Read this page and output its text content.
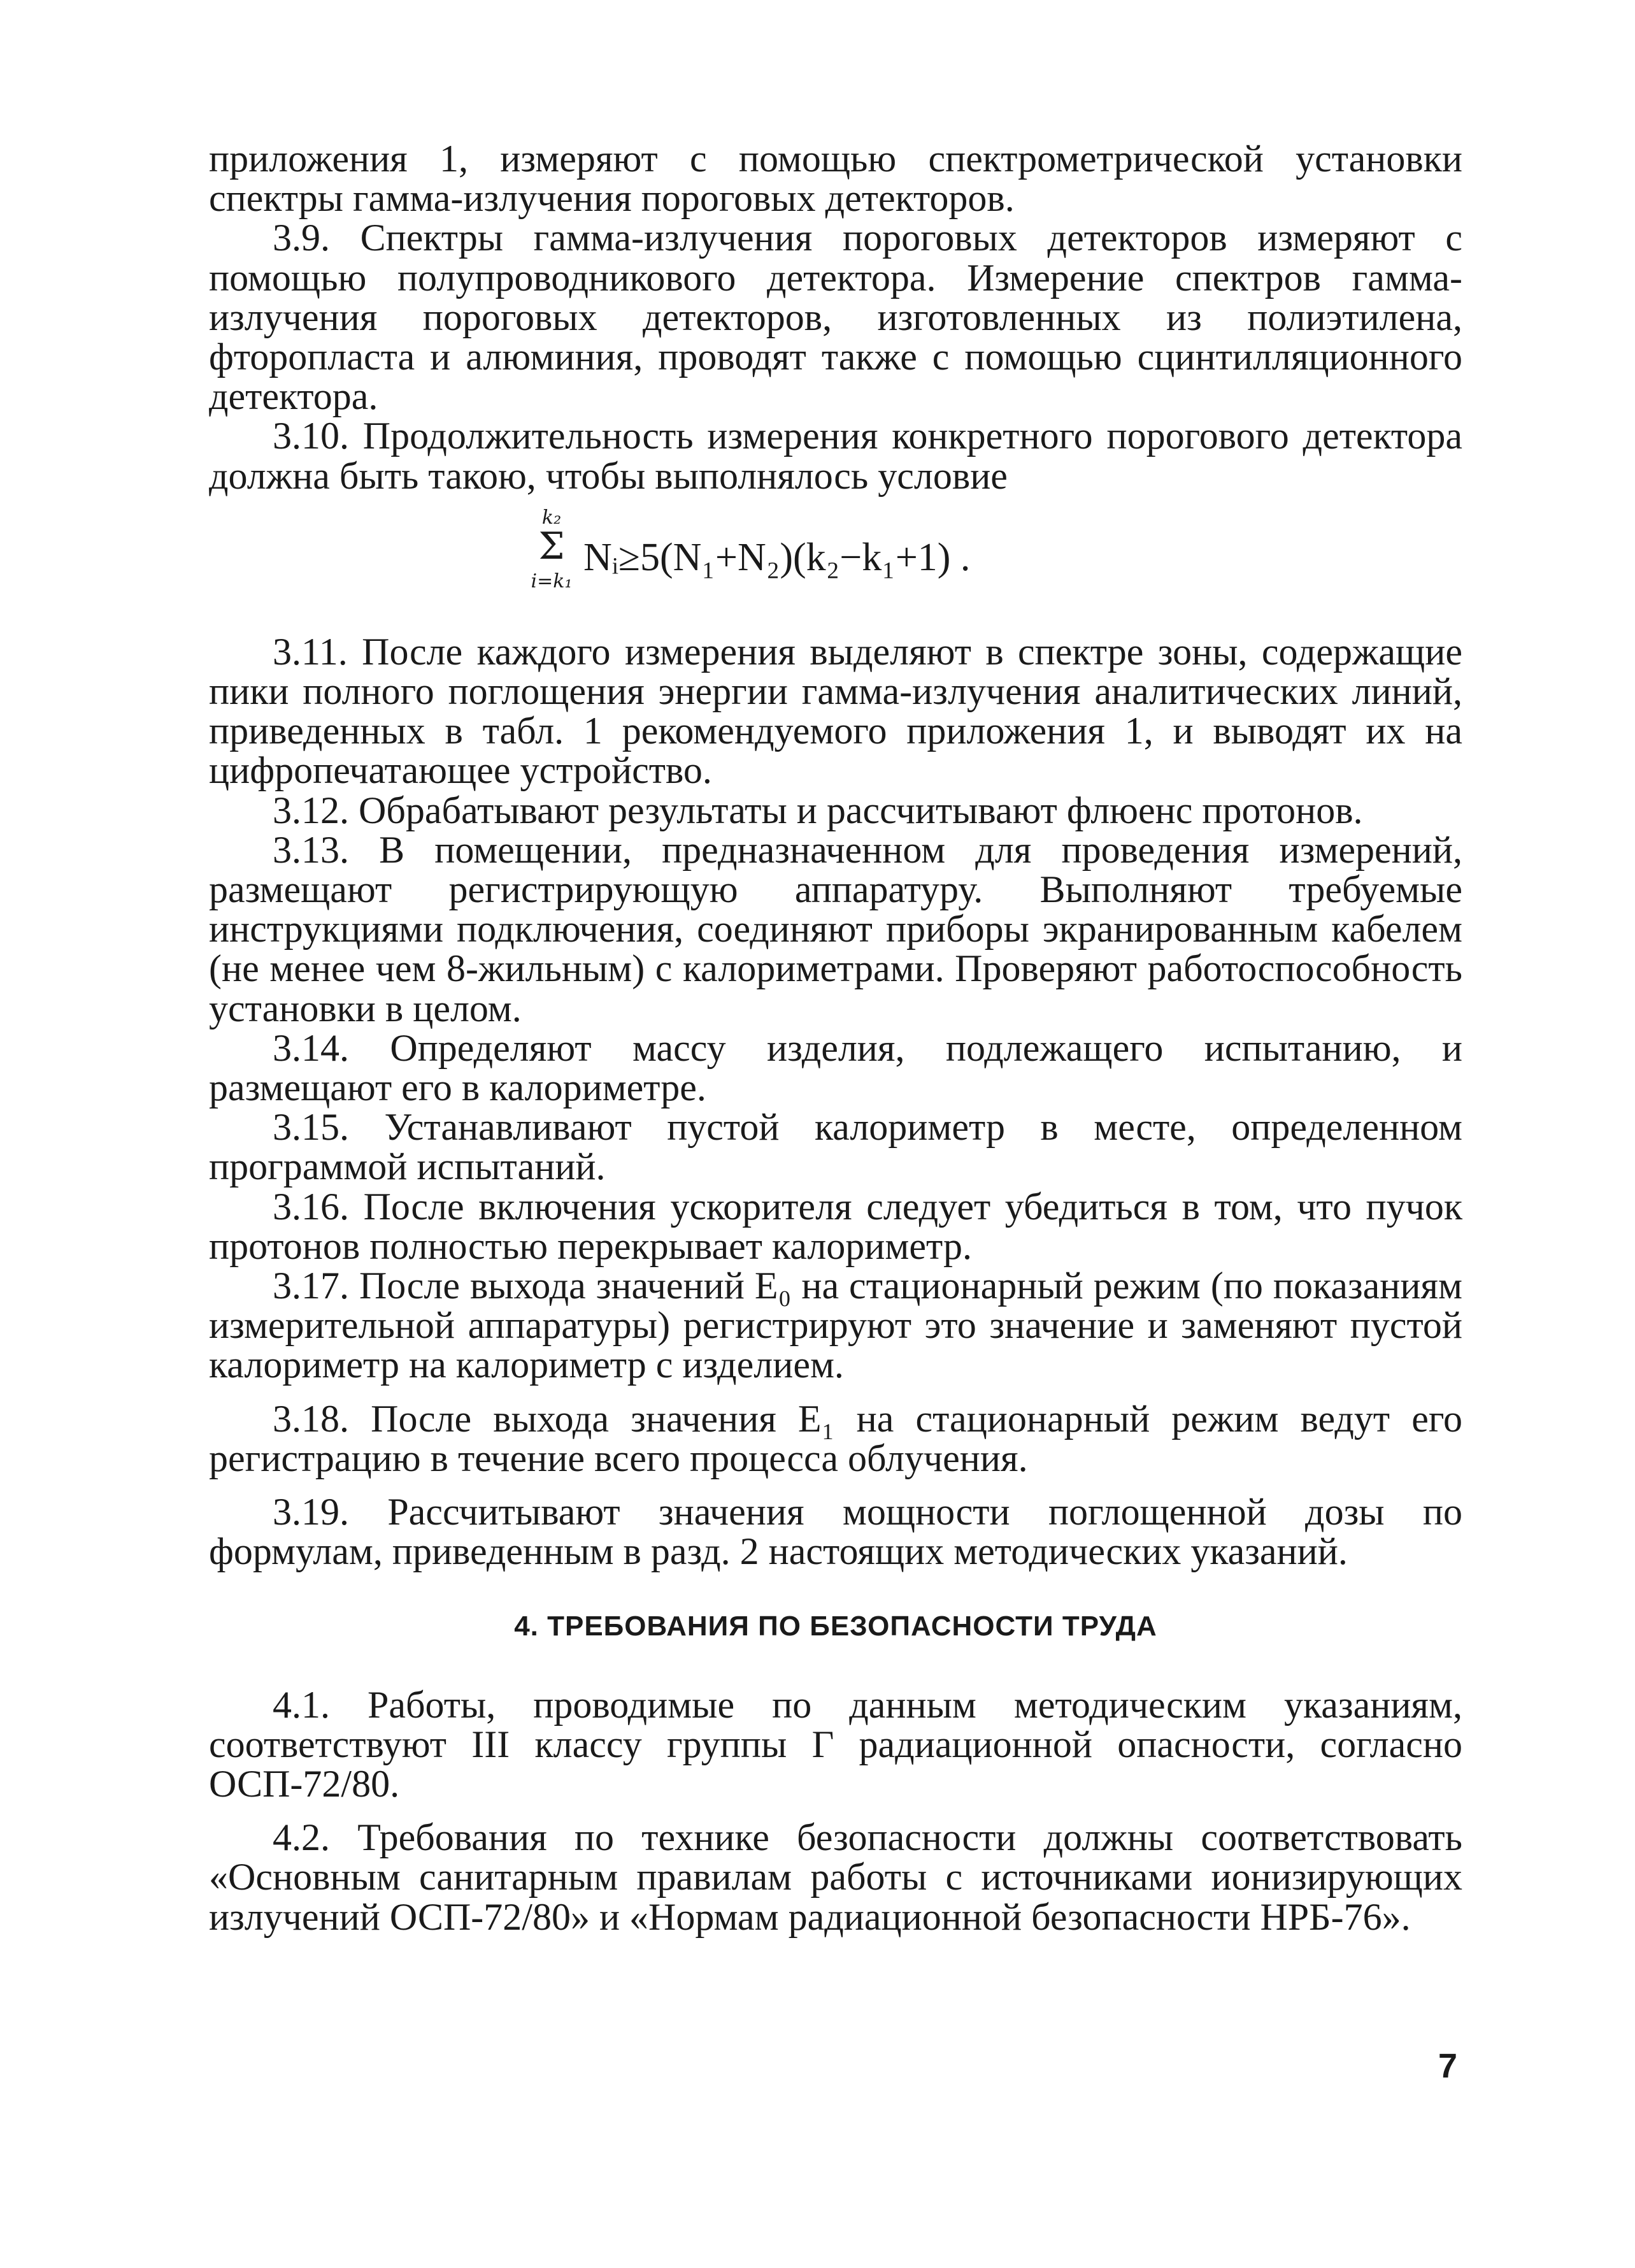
приложения 1, измеряют с помощью спектрометрической установки спектры гамма-излучения пороговых детекторов.

3.9. Спектры гамма-излучения пороговых детекторов измеряют с помощью полупроводникового детектора. Измерение спектров гамма-излучения пороговых детекторов, изготовленных из полиэтилена, фторопласта и алюминия, проводят также с помощью сцинтилляционного детектора.

3.10. Продолжительность измерения конкретного порогового детектора должна быть такою, чтобы выполнялось условие

k₂
Σ
i=k₁
Nᵢ≥5(N₁+N₂)(k₂−k₁+1) .

3.11. После каждого измерения выделяют в спектре зоны, содержащие пики полного поглощения энергии гамма-излучения аналитических линий, приведенных в табл. 1 рекомендуемого приложения 1, и выводят их на цифропечатающее устройство.

3.12. Обрабатывают результаты и рассчитывают флюенс протонов.

3.13. В помещении, предназначенном для проведения измерений, размещают регистрирующую аппаратуру. Выполняют требуемые инструкциями подключения, соединяют приборы экранированным кабелем (не менее чем 8-жильным) с калориметрами. Проверяют работоспособность установки в целом.

3.14. Определяют массу изделия, подлежащего испытанию, и размещают его в калориметре.

3.15. Устанавливают пустой калориметр в месте, определенном программой испытаний.

3.16. После включения ускорителя следует убедиться в том, что пучок протонов полностью перекрывает калориметр.

3.17. После выхода значений E₀ на стационарный режим (по показаниям измерительной аппаратуры) регистрируют это значение и заменяют пустой калориметр на калориметр с изделием.

3.18. После выхода значения E₁ на стационарный режим ведут его регистрацию в течение всего процесса облучения.

3.19. Рассчитывают значения мощности поглощенной дозы по формулам, приведенным в разд. 2 настоящих методических указаний.

4. ТРЕБОВАНИЯ ПО БЕЗОПАСНОСТИ ТРУДА

4.1. Работы, проводимые по данным методическим указаниям, соответствуют III классу группы Г радиационной опасности, согласно ОСП-72/80.

4.2. Требования по технике безопасности должны соответствовать «Основным санитарным правилам работы с источниками ионизирующих излучений ОСП-72/80» и «Нормам радиационной безопасности НРБ-76».

7
